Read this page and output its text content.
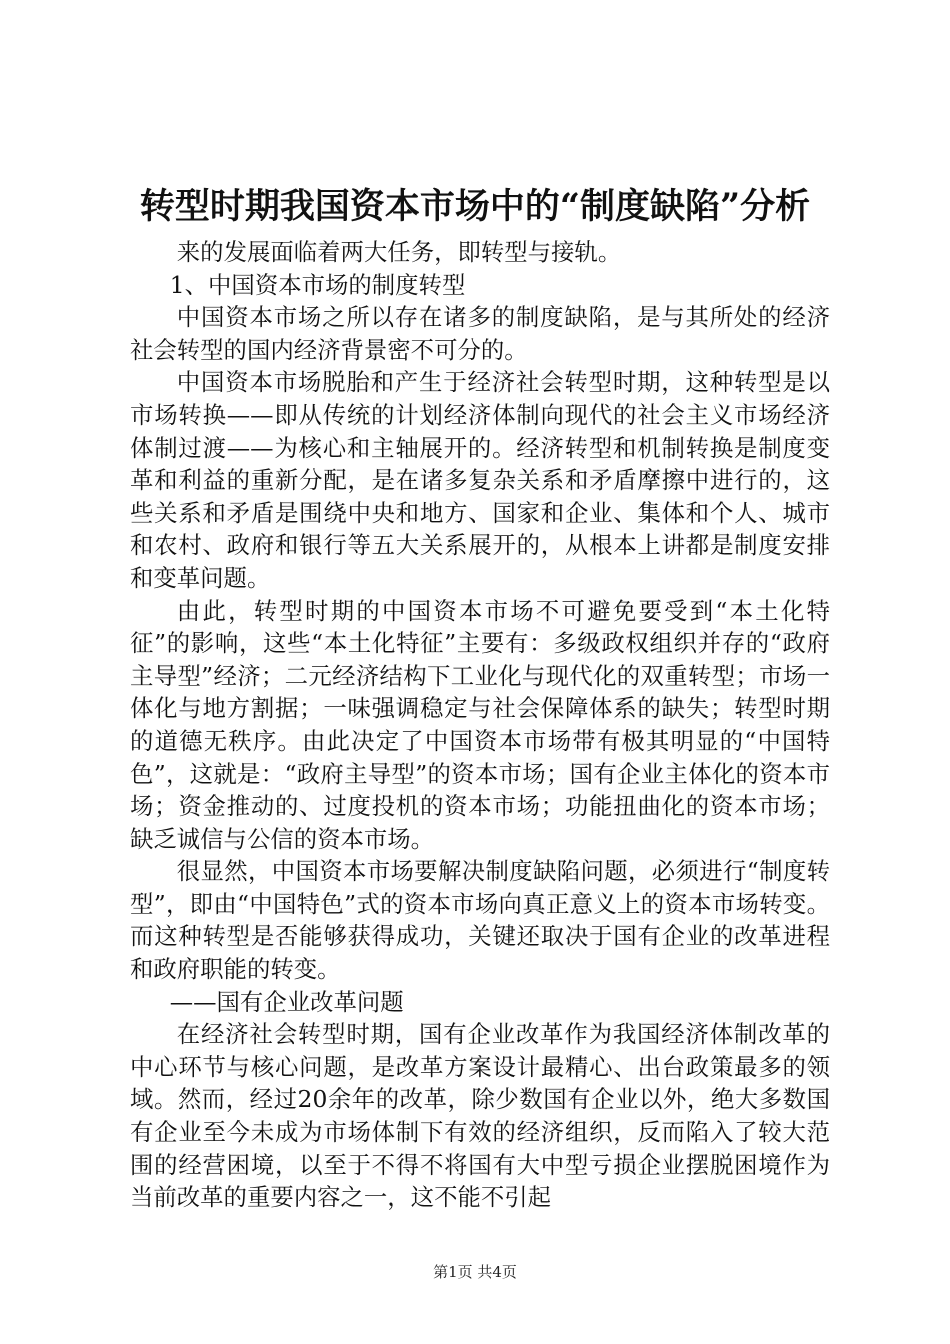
转型时期我国资本市场中的“制度缺陷”分析

来的发展面临着两大任务，即转型与接轨。

1、中国资本市场的制度转型

中国资本市场之所以存在诸多的制度缺陷，是与其所处的经济社会转型的国内经济背景密不可分的。

中国资本市场脱胎和产生于经济社会转型时期，这种转型是以市场转换——即从传统的计划经济体制向现代的社会主义市场经济体制过渡——为核心和主轴展开的。经济转型和机制转换是制度变革和利益的重新分配，是在诸多复杂关系和矛盾摩擦中进行的，这些关系和矛盾是围绕中央和地方、国家和企业、集体和个人、城市和农村、政府和银行等五大关系展开的，从根本上讲都是制度安排和变革问题。

由此，转型时期的中国资本市场不可避免要受到“本土化特征”的影响，这些“本土化特征”主要有：多级政权组织并存的“政府主导型”经济；二元经济结构下工业化与现代化的双重转型；市场一体化与地方割据；一味强调稳定与社会保障体系的缺失；转型时期的道德无秩序。由此决定了中国资本市场带有极其明显的“中国特色”，这就是：“政府主导型”的资本市场；国有企业主体化的资本市场；资金推动的、过度投机的资本市场；功能扭曲化的资本市场；缺乏诚信与公信的资本市场。

很显然，中国资本市场要解决制度缺陷问题，必须进行“制度转型”，即由“中国特色”式的资本市场向真正意义上的资本市场转变。而这种转型是否能够获得成功，关键还取决于国有企业的改革进程和政府职能的转变。

——国有企业改革问题

在经济社会转型时期，国有企业改革作为我国经济体制改革的中心环节与核心问题，是改革方案设计最精心、出台政策最多的领域。然而，经过20余年的改革，除少数国有企业以外，绝大多数国有企业至今未成为市场体制下有效的经济组织，反而陷入了较大范围的经营困境，以至于不得不将国有大中型亏损企业摆脱困境作为当前改革的重要内容之一，这不能不引起

第1页 共4页
